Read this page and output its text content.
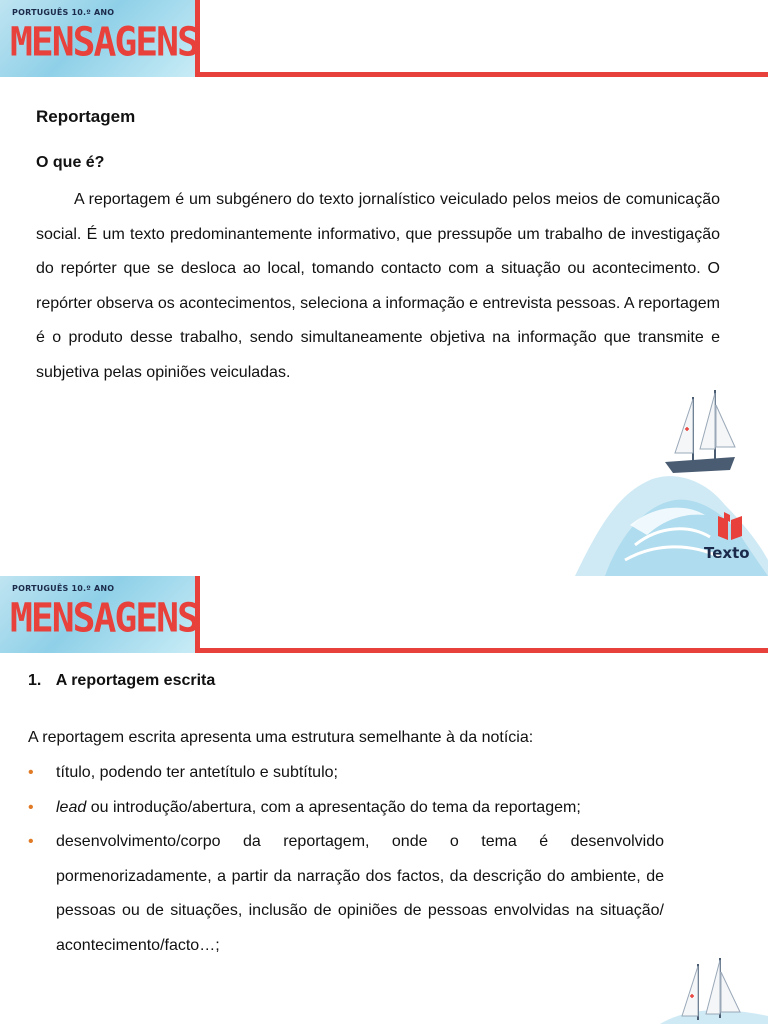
PORTUGUÊS 10.º ANO
MENSAGENS
Reportagem
O que é?
A reportagem é um subgénero do texto jornalístico veiculado pelos meios de comunicação social. É um texto predominantemente informativo, que pressupõe um trabalho de investigação do repórter que se desloca ao local, tomando contacto com a situação ou acontecimento. O repórter observa os acontecimentos, seleciona a informação e entrevista pessoas. A reportagem é o produto desse trabalho, sendo simultaneamente objetiva na informação que transmite e subjetiva pelas opiniões veiculadas.
Texto
PORTUGUÊS 10.º ANO
MENSAGENS
1. A reportagem escrita
A reportagem escrita apresenta uma estrutura semelhante à da notícia:
• título, podendo ter antetítulo e subtítulo;
• lead ou introdução/abertura, com a apresentação do tema da reportagem;
• desenvolvimento/corpo da reportagem, onde o tema é desenvolvido pormenorizadamente, a partir da narração dos factos, da descrição do ambiente, de pessoas ou de situações, inclusão de opiniões de pessoas envolvidas na situação/ acontecimento/facto…;
